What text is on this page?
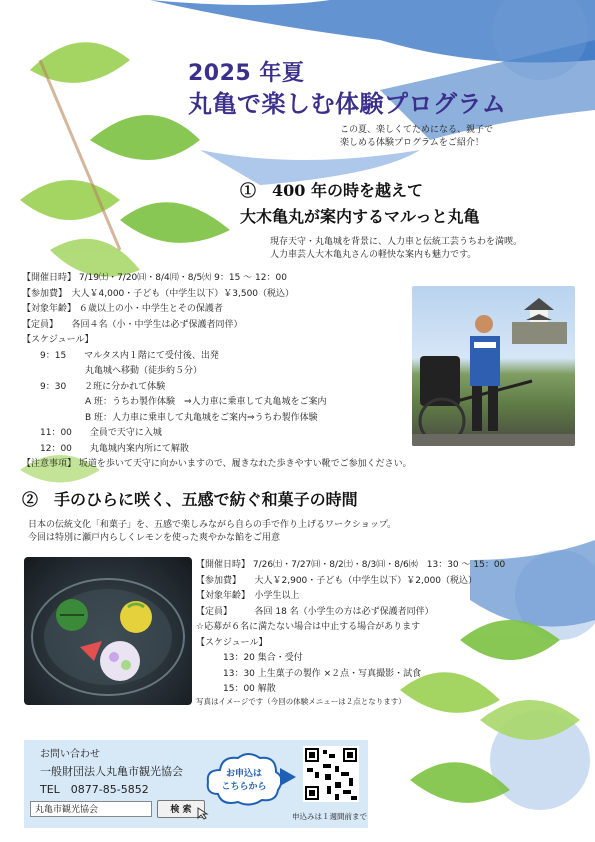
2025 年夏
丸亀で楽しむ体験プログラム
この夏、楽しくてためになる、親子で
楽しめる体験プログラムをご紹介！
①　400 年の時を越えて
大木亀丸が案内するマルっと丸亀
現存天守・丸亀城を背景に、人力車と伝統工芸うちわを満喫。
人力車芸人大木亀丸さんの軽快な案内も魅力です。
【開催日時】 7/19㈯・7/20㈰・8/4㈪・8/5㈫ 9：15 ～ 12：00
【参加費】　大人￥4,000・子ども（中学生以下）￥3,500（税込）
【対象年齢】 ６歳以上の小・中学生とその保護者
【定員】　　各回４名（小・中学生は必ず保護者同伴）
【スケジュール】
　　9：15　　マルタス内１階にて受付後、出発
　　　　　　　丸亀城へ移動（徒歩約５分）
　　9：30　　２班に分かれて体験
　　　　　　　A 班：うちわ製作体験　⇒人力車に乗車して丸亀城をご案内
　　　　　　　B 班：人力車に乗車して丸亀城をご案内⇒うちわ製作体験
　　11：00　　全員で天守に入城
　　12：00　　丸亀城内案内所にて解散
【注意事項】 坂道を歩いて天守に向かいますので、履きなれた歩きやすい靴でご参加ください。
②　手のひらに咲く、五感で紡ぐ和菓子の時間
日本の伝統文化「和菓子」を、五感で楽しみながら自らの手で作り上げるワークショップ。
今回は特別に瀬戸内らしくレモンを使った爽やかな餡をご用意
【開催日時】 7/26㈯・7/27㈰・8/2㈯・8/3㈰・8/6㈬　13：30 ～ 15：00
【参加費】　　大人￥2,900・子ども（中学生以下）￥2,000（税込）
【対象年齢】　小学生以上
【定員】　　　各回 18 名（小学生の方は必ず保護者同伴）
☆応募が６名に満たない場合は中止する場合があります
【スケジュール】
　　　13：20 集合・受付
　　　13：30 上生菓子の製作 ×２点・写真撮影・試食
　　　15：00 解散
写真はイメージです（今回の体験メニューは２点となります）
お問い合わせ
一般財団法人丸亀市観光協会
TEL　0877-85-5852
丸亀市観光協会	検 索
お申込は
こちらから
申込みは１週間前まで
